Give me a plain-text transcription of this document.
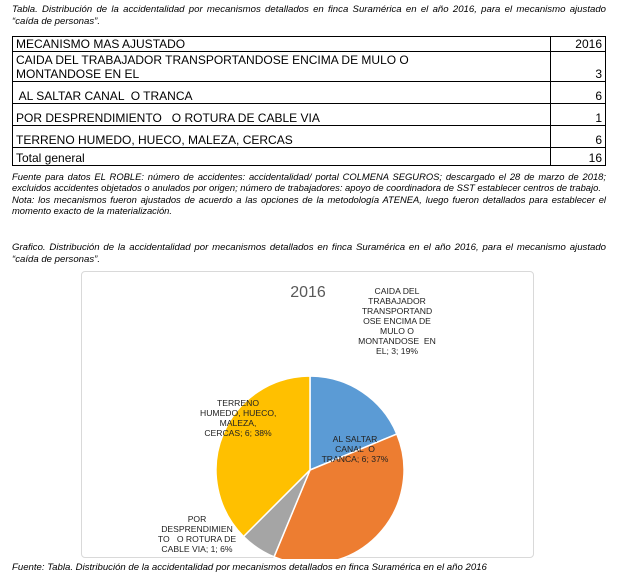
Tabla. Distribución de la accidentalidad por mecanismos detallados en finca Suramérica en el año 2016, para el mecanismo ajustado “caída de personas”.
MECANISMO MAS AJUSTADO	2016
CAIDA DEL TRABAJADOR TRANSPORTANDOSE ENCIMA DE MULO O
MONTANDOSE EN EL	3
AL SALTAR CANAL  O TRANCA	6
POR DESPRENDIMIENTO   O ROTURA DE CABLE VIA	1
TERRENO HUMEDO, HUECO, MALEZA, CERCAS	6
Total general	16

Fuente para datos EL ROBLE: número de accidentes: accidentalidad/ portal COLMENA SEGUROS; descargado el 28 de marzo de 2018; excluidos accidentes objetados o anulados por origen; número de trabajadores: apoyo de coordinadora de SST establecer centros de trabajo.

Nota: los mecanismos fueron ajustados de acuerdo a las opciones de la metodología ATENEA, luego fueron detallados para establecer el momento exacto de la materialización.

Grafico. Distribución de la accidentalidad por mecanismos detallados en finca Suramérica en el año 2016, para el mecanismo ajustado “caída de personas”.
2016	CAIDA DEL
TRABAJADOR
TRANSPORTAND
OSE ENCIMA DE
MULO O
MONTANDOSE  EN
EL; 3; 19%
AL SALTAR
CANAL  O
TRANCA; 6; 37%
POR
DESPRENDIMIEN
TO   O ROTURA DE
CABLE VIA; 1; 6%
TERRENO
HUMEDO, HUECO,
MALEZA,
CERCAS; 6; 38%
Fuente: Tabla. Distribución de la accidentalidad por mecanismos detallados en finca Suramérica en el año 2016
